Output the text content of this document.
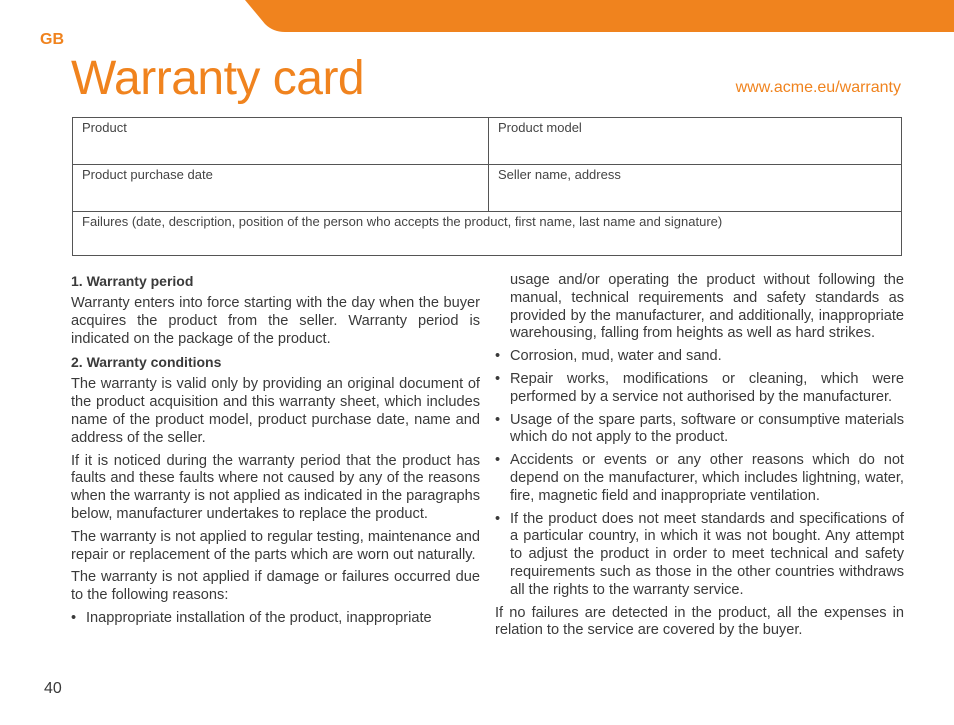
GB
Warranty card	www.acme.eu/warranty
Product	Product model
Product purchase date	Seller name, address
Failures (date, description, position of the person who accepts the product, first name, last name and signature)	
1. Warranty period

Warranty enters into force starting with the day when the buyer acquires the product from the seller. Warranty period is indicated on the package of the product.

2. Warranty conditions

The warranty is valid only by providing an original document of the product acquisition and this warranty sheet, which includes name of the product model, product purchase date, name and address of the seller.

If it is noticed during the warranty period that the product has faults and these faults where not caused by any of the reasons when the warranty is not applied as indicated in the paragraphs below, manufacturer undertakes to replace the product.

The warranty is not applied to regular testing, maintenance and repair or replacement of the parts which are worn out naturally.

The warranty is not applied if damage or failures occurred due to the following reasons:

• Inappropriate installation of the product, inappropriate
usage and/or operating the product without following the manual, technical requirements and safety standards as provided by the manufacturer, and additionally, inappropriate warehousing, falling from heights as well as hard strikes.
• Corrosion, mud, water and sand.
• Repair works, modifications or cleaning, which were performed by a service not authorised by the manufacturer.
• Usage of the spare parts, software or consumptive materials which do not apply to the product.
• Accidents or events or any other reasons which do not depend on the manufacturer, which includes lightning, water, fire, magnetic field and inappropriate ventilation.
• If the product does not meet standards and specifications of a particular country, in which it was not bought. Any attempt to adjust the product in order to meet technical and safety requirements such as those in the other countries withdraws all the rights to the warranty service.

If no failures are detected in the product, all the expenses in relation to the service are covered by the buyer.

40
